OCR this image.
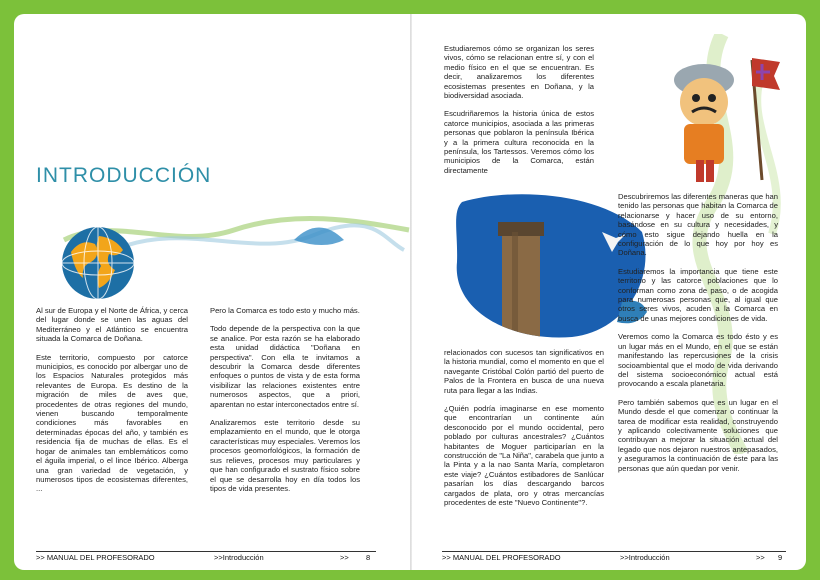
INTRODUCCIÓN

Al sur de Europa y el Norte de África, y cerca del lugar donde se unen las aguas del Mediterráneo y el Atlántico se encuentra situada la Comarca de Doñana.

Este territorio, compuesto por catorce municipios, es conocido por albergar uno de los Espacios Naturales protegidos más relevantes de Europa. Es destino de la migración de miles de aves que, procedentes de otras regiones del mundo, vienen buscando temporalmente condiciones más favorables en determinadas épocas del año, y también es residencia fija de muchas de ellas. Es el hogar de animales tan emblemáticos como el águila imperial, o el lince Ibérico. Alberga una gran variedad de vegetación, y numerosos tipos de ecosistemas diferentes, ...

Pero la Comarca es todo esto y mucho más.

Todo depende de la perspectiva con la que se analice. Por esta razón se ha elaborado esta unidad didáctica "Doñana en perspectiva". Con ella te invitamos a descubrir la Comarca desde diferentes enfoques o puntos de vista y de esta forma visibilizar las relaciones existentes entre numerosos aspectos, que a priori, aparentan no estar interconectados entre sí.

Analizaremos este territorio desde su emplazamiento en el mundo, que le otorga características muy especiales. Veremos los procesos geomorfológicos, la formación de sus relieves, procesos muy particulares y que han configurado el sustrato físico sobre el que se desarrolla hoy en día todos los tipos de vida presentes.

>> MANUAL DEL PROFESORADO	>>Introducción	>> 8

Estudiaremos cómo se organizan los seres vivos, cómo se relacionan entre sí, y con el medio físico en el que se encuentran. Es decir, analizaremos los diferentes ecosistemas presentes en Doñana, y la biodiversidad asociada.

Escudriñaremos la historia única de estos catorce municipios, asociada a las primeras personas que poblaron la península Ibérica y a la primera cultura reconocida en la península, los Tartessos. Veremos cómo los municipios de la Comarca, están directamente

relacionados con sucesos tan significativos en la historia mundial, como el momento en que el navegante Cristóbal Colón partió del puerto de Palos de la Frontera en busca de una nueva ruta para llegar a las Indias.

¿Quién podría imaginarse en ese momento que encontrarían un continente aún desconocido por el mundo occidental, pero poblado por culturas ancestrales? ¿Cuántos habitantes de Moguer participarían en la construcción de "La Niña", carabela que junto a la Pinta y a la nao Santa María, completaron este viaje? ¿Cuántos estibadores de Sanlúcar pasarían los días descargando barcos cargados de plata, oro y otras mercancías procedentes de este "Nuevo Continente"?.

Descubriremos las diferentes maneras que han tenido las personas que habitan la Comarca de relacionarse y hacer uso de su entorno, basándose en su cultura y necesidades, y cómo esto sigue dejando huella en la configuración de lo que hoy por hoy es Doñana.

Estudiaremos la importancia que tiene este territorio y las catorce poblaciones que lo conforman como zona de paso, o de acogida para numerosas personas que, al igual que otros seres vivos, acuden a la Comarca en busca de unas mejores condiciones de vida.

Veremos como la Comarca es todo ésto y es un lugar más en el Mundo, en el que se están manifestando las repercusiones de la crisis socioambiental que el modo de vida derivando del sistema socioeconómico actual está provocando a escala planetaria.

Pero también sabemos que es un lugar en el Mundo desde el que comenzar o continuar la tarea de modificar esta realidad, construyendo y aplicando colectivamente soluciones que contribuyan a mejorar la situación actual del legado que nos dejaron nuestros antepasados, y aseguramos la continuación de éste para las personas que aún quedan por venir.

>> MANUAL DEL PROFESORADO	>>Introducción	>> 9
